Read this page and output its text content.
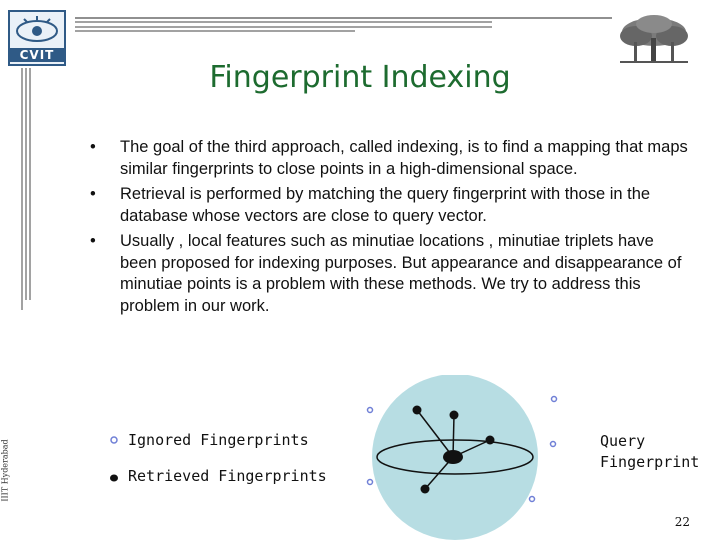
CVIT
Fingerprint Indexing
• The goal of the third approach, called indexing, is to find a mapping that maps similar fingerprints to close points in a high-dimensional space.
• Retrieval is performed by matching the query fingerprint with those in the database whose vectors are close to query vector.
• Usually , local features such as minutiae locations , minutiae triplets have been proposed for indexing purposes. But appearance and disappearance of minutiae points is a problem with these methods. We try to address this problem in our work.
Ignored Fingerprints
Retrieved Fingerprints
Query
Fingerprint
IIIT Hyderabad
22
